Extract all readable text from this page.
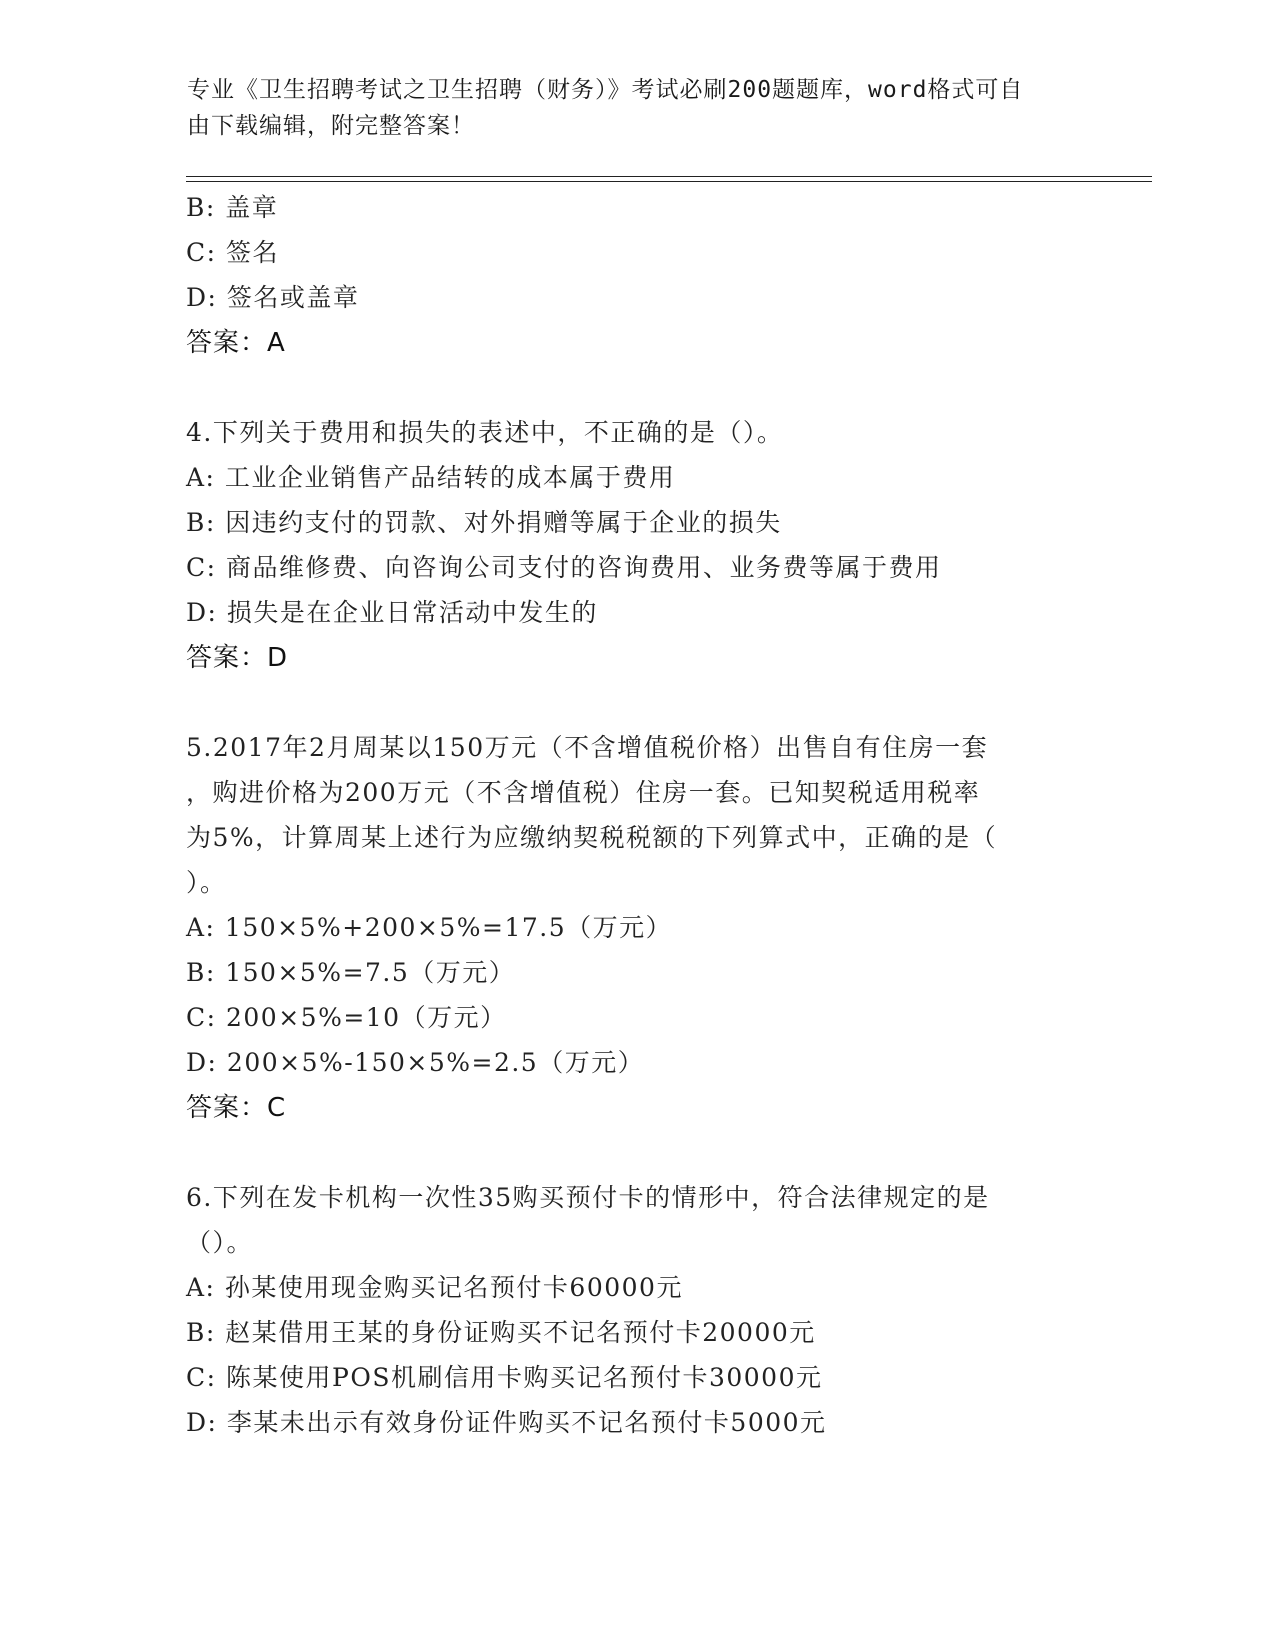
专业《卫生招聘考试之卫生招聘（财务）》考试必刷200题题库，word格式可自
由下载编辑，附完整答案！
B: 盖章
C: 签名
D: 签名或盖章
答案：A
4.下列关于费用和损失的表述中，不正确的是（）。
A: 工业企业销售产品结转的成本属于费用
B: 因违约支付的罚款、对外捐赠等属于企业的损失
C: 商品维修费、向咨询公司支付的咨询费用、业务费等属于费用
D: 损失是在企业日常活动中发生的
答案：D
5.2017年2月周某以150万元（不含增值税价格）出售自有住房一套
，购进价格为200万元（不含增值税）住房一套。已知契税适用税率
为5%，计算周某上述行为应缴纳契税税额的下列算式中，正确的是（
）。
A: 150×5%+200×5%=17.5（万元）
B: 150×5%=7.5（万元）
C: 200×5%=10（万元）
D: 200×5%-150×5%=2.5（万元）
答案：C
6.下列在发卡机构一次性35购买预付卡的情形中，符合法律规定的是
（）。
A: 孙某使用现金购买记名预付卡60000元
B: 赵某借用王某的身份证购买不记名预付卡20000元
C: 陈某使用POS机刷信用卡购买记名预付卡30000元
D: 李某未出示有效身份证件购买不记名预付卡5000元
